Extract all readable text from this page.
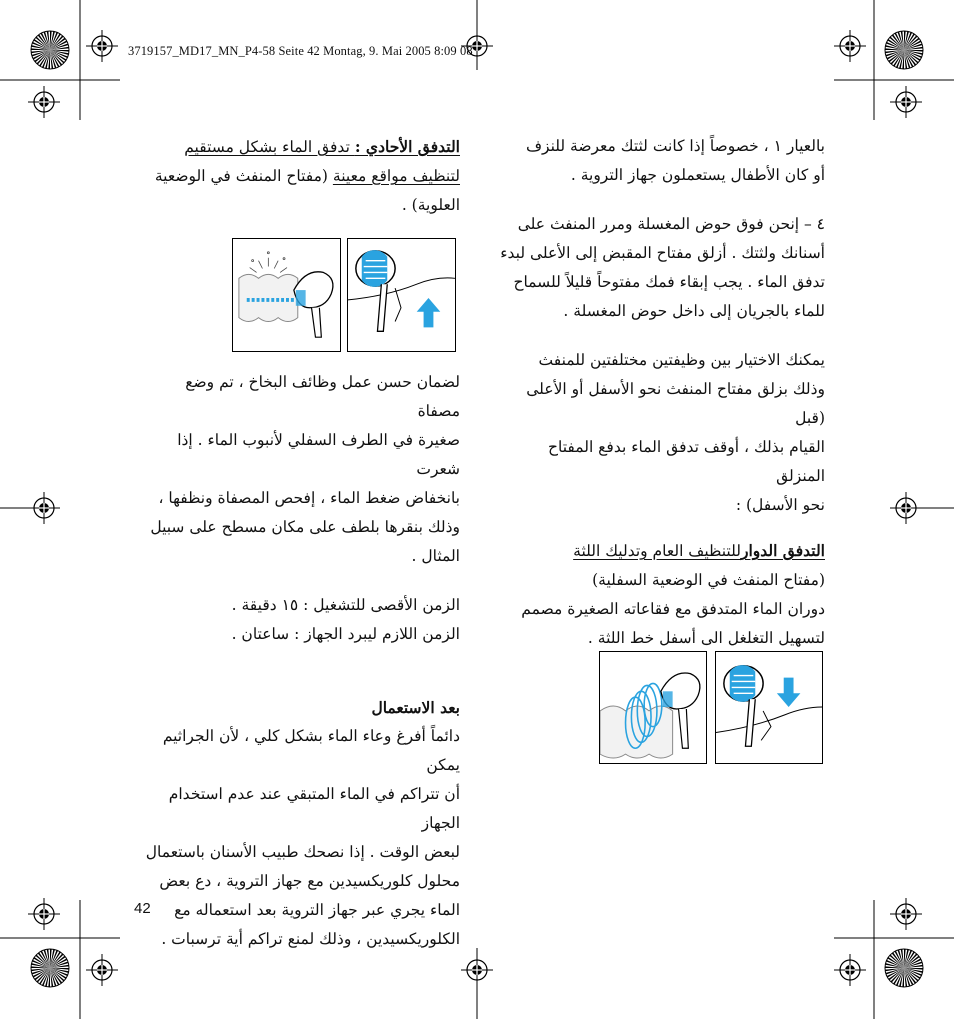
3719157_MD17_MN_P4-58 Seite 42 Montag, 9. Mai 2005 8:09 08

بالعيار ١ ، خصوصاً إذا كانت لثتك معرضة للنزف

أو كان الأطفال يستعملون جهاز التروية .

٤ – إنحن فوق حوض المغسلة ومرر المنفث على

أسنانك ولثتك . أزلق مفتاح المقبض إلى الأعلى لبدء

تدفق الماء . يجب إبقاء فمك مفتوحاً قليلاً للسماح

للماء بالجريان إلى داخل حوض المغسلة .

يمكنك الاختيار بين وظيفتين مختلفتين للمنفث

وذلك بزلق مفتاح المنفث نحو الأسفل أو الأعلى (قبل

القيام بذلك ، أوقف تدفق الماء بدفع المفتاح المنزلق

نحو الأسفل) :

التدفق الدوارللتنظيف العام وتدليك اللثة

(مفتاح المنفث في الوضعية السفلية)

دوران الماء المتدفق مع فقاعاته الصغيرة مصمم

لتسهيل التغلغل الى أسفل خط اللثة .

التدفق الأحادي : تدفق الماء بشكل مستقيم

لتنظيف مواقع معينة (مفتاح المنفث في الوضعية

العلوية) .

لضمان حسن عمل وظائف البخاخ ، تم وضع مصفاة

صغيرة في الطرف السفلي لأنبوب الماء . إذا شعرت

بانخفاض ضغط الماء ، إفحص المصفاة ونظفها ،

وذلك بنقرها بلطف على مكان مسطح على سبيل

المثال .

الزمن الأقصى للتشغيل : ١٥ دقيقة .

الزمن اللازم ليبرد الجهاز : ساعتان .

بعد الاستعمال

دائماً أفرغ وعاء الماء بشكل كلي ، لأن الجراثيم يمكن

أن تتراكم في الماء المتبقي عند عدم استخدام الجهاز

لبعض الوقت . إذا نصحك طبيب الأسنان باستعمال

محلول كلوريكسيدين مع جهاز التروية ، دع بعض

الماء يجري عبر جهاز التروية بعد استعماله مع

الكلوريكسيدين ، وذلك لمنع تراكم أية ترسبات .

42
